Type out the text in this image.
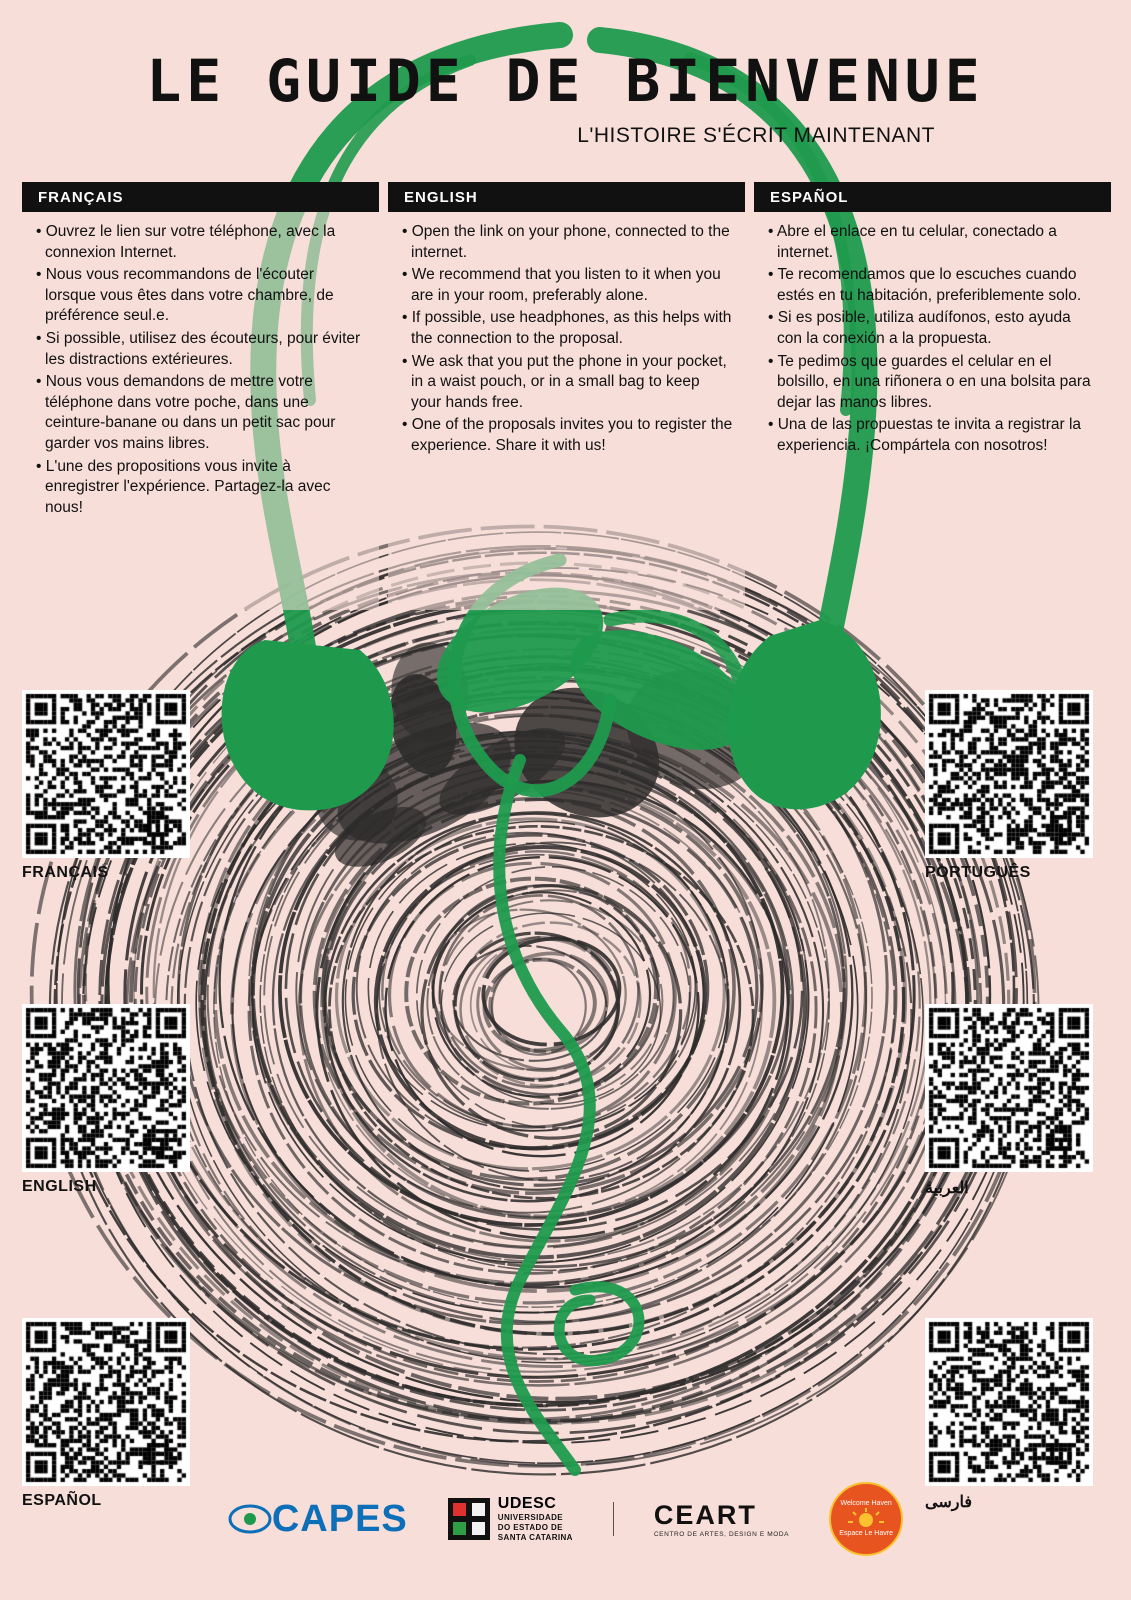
LE GUIDE DE BIENVENUE
L'HISTOIRE S'ÉCRIT MAINTENANT
FRANÇAIS

• Ouvrez le lien sur votre téléphone, avec la connexion Internet.

• Nous vous recommandons de l'écouter lorsque vous êtes dans votre chambre, de préférence seul.e.

• Si possible, utilisez des écouteurs, pour éviter les distractions extérieures.

• Nous vous demandons de mettre votre téléphone dans votre poche, dans une ceinture-banane ou dans un petit sac pour garder vos mains libres.

• L'une des propositions vous invite à enregistrer l'expérience. Partagez-la avec nous!

ENGLISH

• Open the link on your phone, connected to the internet.

• We recommend that you listen to it when you are in your room, preferably alone.

• If possible, use headphones, as this helps with the connection to the proposal.

• We ask that you put the phone in your pocket, in a waist pouch, or in a small bag to keep your hands free.

• One of the proposals invites you to register the experience. Share it with us!

ESPAÑOL

• Abre el enlace en tu celular, conectado a internet.

• Te recomendamos que lo escuches cuando estés en tu habitación, preferiblemente solo.

• Si es posible, utiliza audífonos, esto ayuda con la conexión a la propuesta.

• Te pedimos que guardes el celular en el bolsillo, en una riñonera o en una bolsita para dejar las manos libres.

• Una de las propuestas te invita a registrar la experiencia. ¡Compártela con nosotros!

FRANÇAIS
ENGLISH
ESPAÑOL
PORTUGUÊS
العربية
فارسی
CAPES	UDESC
UNIVERSIDADE
DO ESTADO DE
SANTA CATARINA
CEART
CENTRO DE ARTES, DESIGN E MODA
Welcome Haven
Espace Le Havre
